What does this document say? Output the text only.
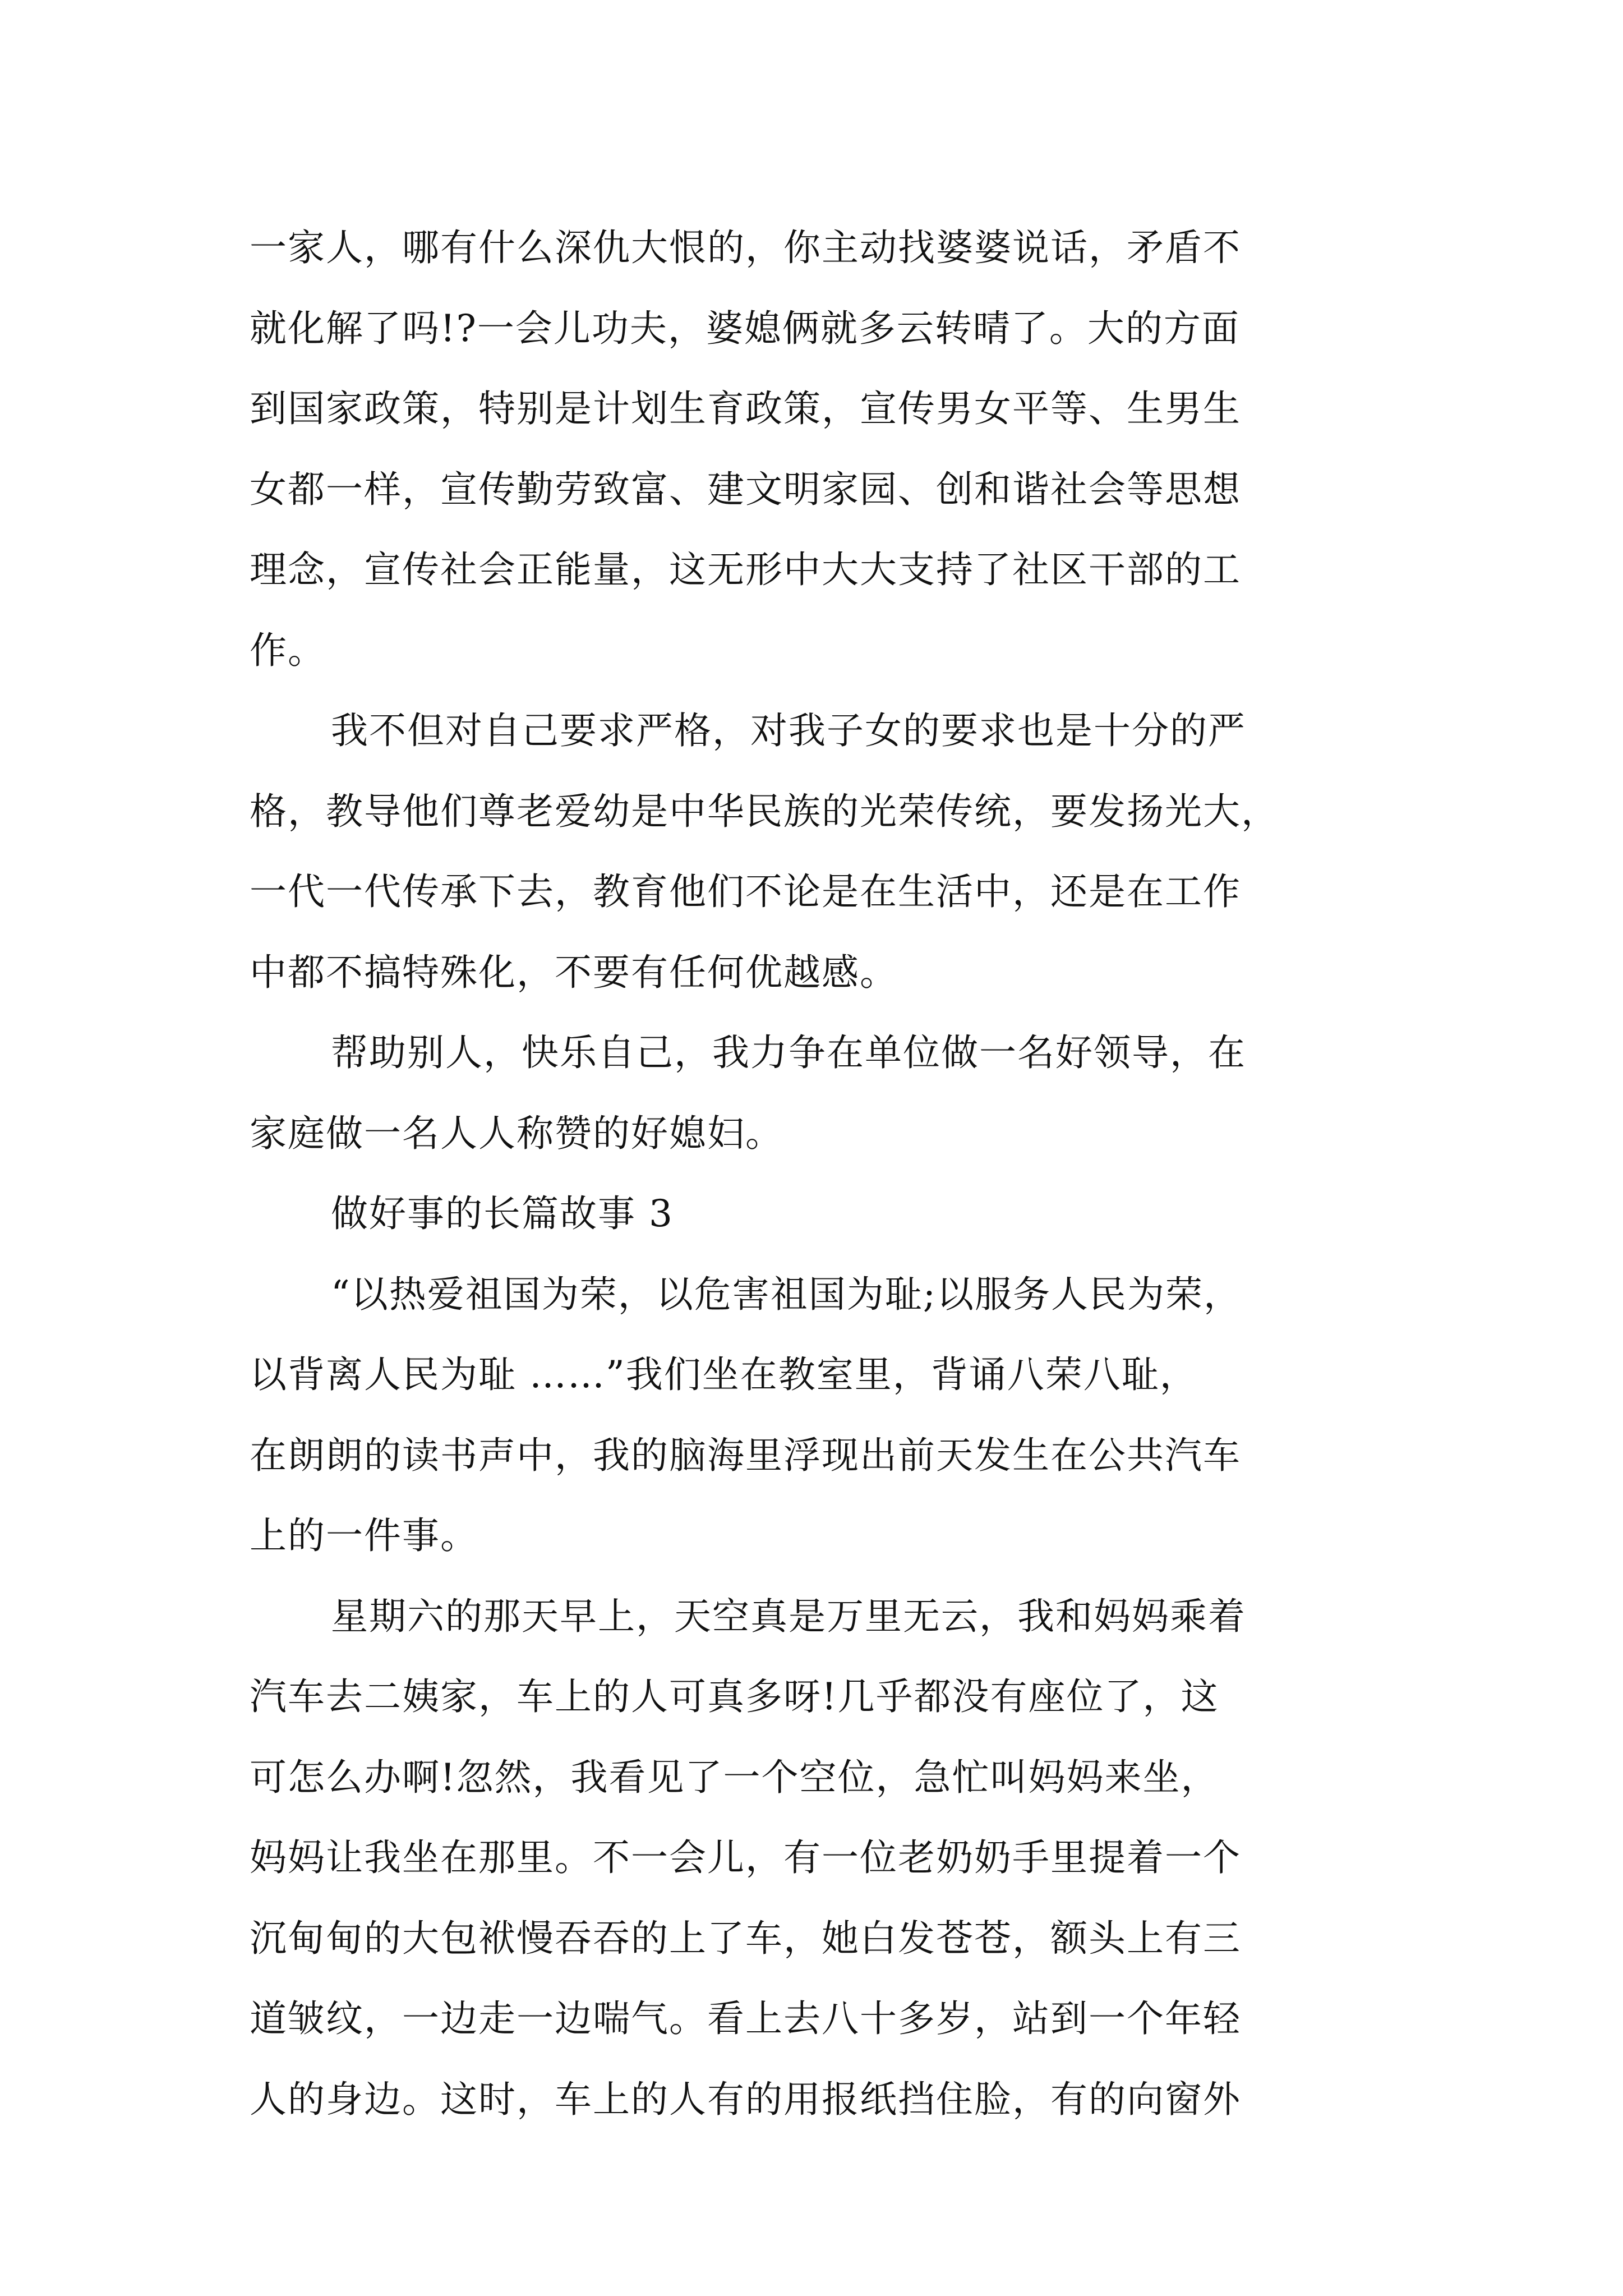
一家人，哪有什么深仇大恨的，你主动找婆婆说话，矛盾不
就化解了吗!?一会儿功夫，婆媳俩就多云转晴了。大的方面
到国家政策，特别是计划生育政策，宣传男女平等、生男生
女都一样，宣传勤劳致富、建文明家园、创和谐社会等思想
理念，宣传社会正能量，这无形中大大支持了社区干部的工
作。
我不但对自己要求严格，对我子女的要求也是十分的严
格，教导他们尊老爱幼是中华民族的光荣传统，要发扬光大，
一代一代传承下去，教育他们不论是在生活中，还是在工作
中都不搞特殊化，不要有任何优越感。
帮助别人，快乐自己，我力争在单位做一名好领导，在
家庭做一名人人称赞的好媳妇。
做好事的长篇故事 3
“以热爱祖国为荣，以危害祖国为耻;以服务人民为荣，
以背离人民为耻 ……”我们坐在教室里，背诵八荣八耻，
在朗朗的读书声中，我的脑海里浮现出前天发生在公共汽车
上的一件事。
星期六的那天早上，天空真是万里无云，我和妈妈乘着
汽车去二姨家，车上的人可真多呀!几乎都没有座位了，这
可怎么办啊!忽然，我看见了一个空位，急忙叫妈妈来坐，
妈妈让我坐在那里。不一会儿，有一位老奶奶手里提着一个
沉甸甸的大包袱慢吞吞的上了车，她白发苍苍，额头上有三
道皱纹，一边走一边喘气。看上去八十多岁，站到一个年轻
人的身边。这时，车上的人有的用报纸挡住脸，有的向窗外
